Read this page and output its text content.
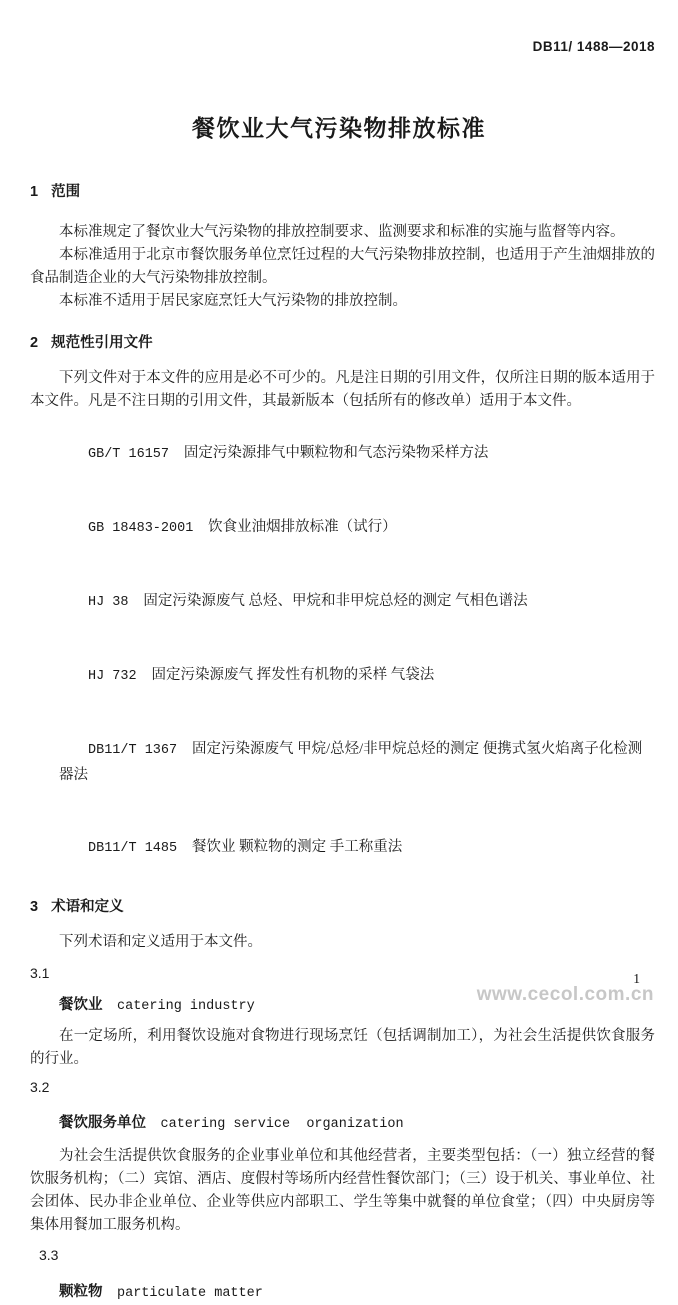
DB11/ 1488—2018
餐饮业大气污染物排放标准
1 范围

本标准规定了餐饮业大气污染物的排放控制要求、监测要求和标准的实施与监督等内容。

本标准适用于北京市餐饮服务单位烹饪过程的大气污染物排放控制，也适用于产生油烟排放的食品制造企业的大气污染物排放控制。

本标准不适用于居民家庭烹饪大气污染物的排放控制。

2 规范性引用文件

下列文件对于本文件的应用是必不可少的。凡是注日期的引用文件，仅所注日期的版本适用于本文件。凡是不注日期的引用文件，其最新版本（包括所有的修改单）适用于本文件。

GB/T 16157 固定污染源排气中颗粒物和气态污染物采样方法

GB 18483-2001 饮食业油烟排放标准（试行）

HJ 38 固定污染源废气 总烃、甲烷和非甲烷总烃的测定 气相色谱法

HJ 732 固定污染源废气 挥发性有机物的采样 气袋法

DB11/T 1367 固定污染源废气 甲烷/总烃/非甲烷总烃的测定 便携式氢火焰离子化检测器法

DB11/T 1485 餐饮业 颗粒物的测定 手工称重法

3 术语和定义

下列术语和定义适用于本文件。

3.1
餐饮业 catering industry

在一定场所，利用餐饮设施对食物进行现场烹饪（包括调制加工），为社会生活提供饮食服务的行业。

3.2
餐饮服务单位 catering service  organization

为社会生活提供饮食服务的企业事业单位和其他经营者，主要类型包括：（一）独立经营的餐饮服务机构；（二）宾馆、酒店、度假村等场所内经营性餐饮部门；（三）设于机关、事业单位、社会团体、民办非企业单位、企业等供应内部职工、学生等集中就餐的单位食堂；（四）中央厨房等集体用餐加工服务机构。

3.3
颗粒物 particulate matter
1
www.cecol.com.cn
